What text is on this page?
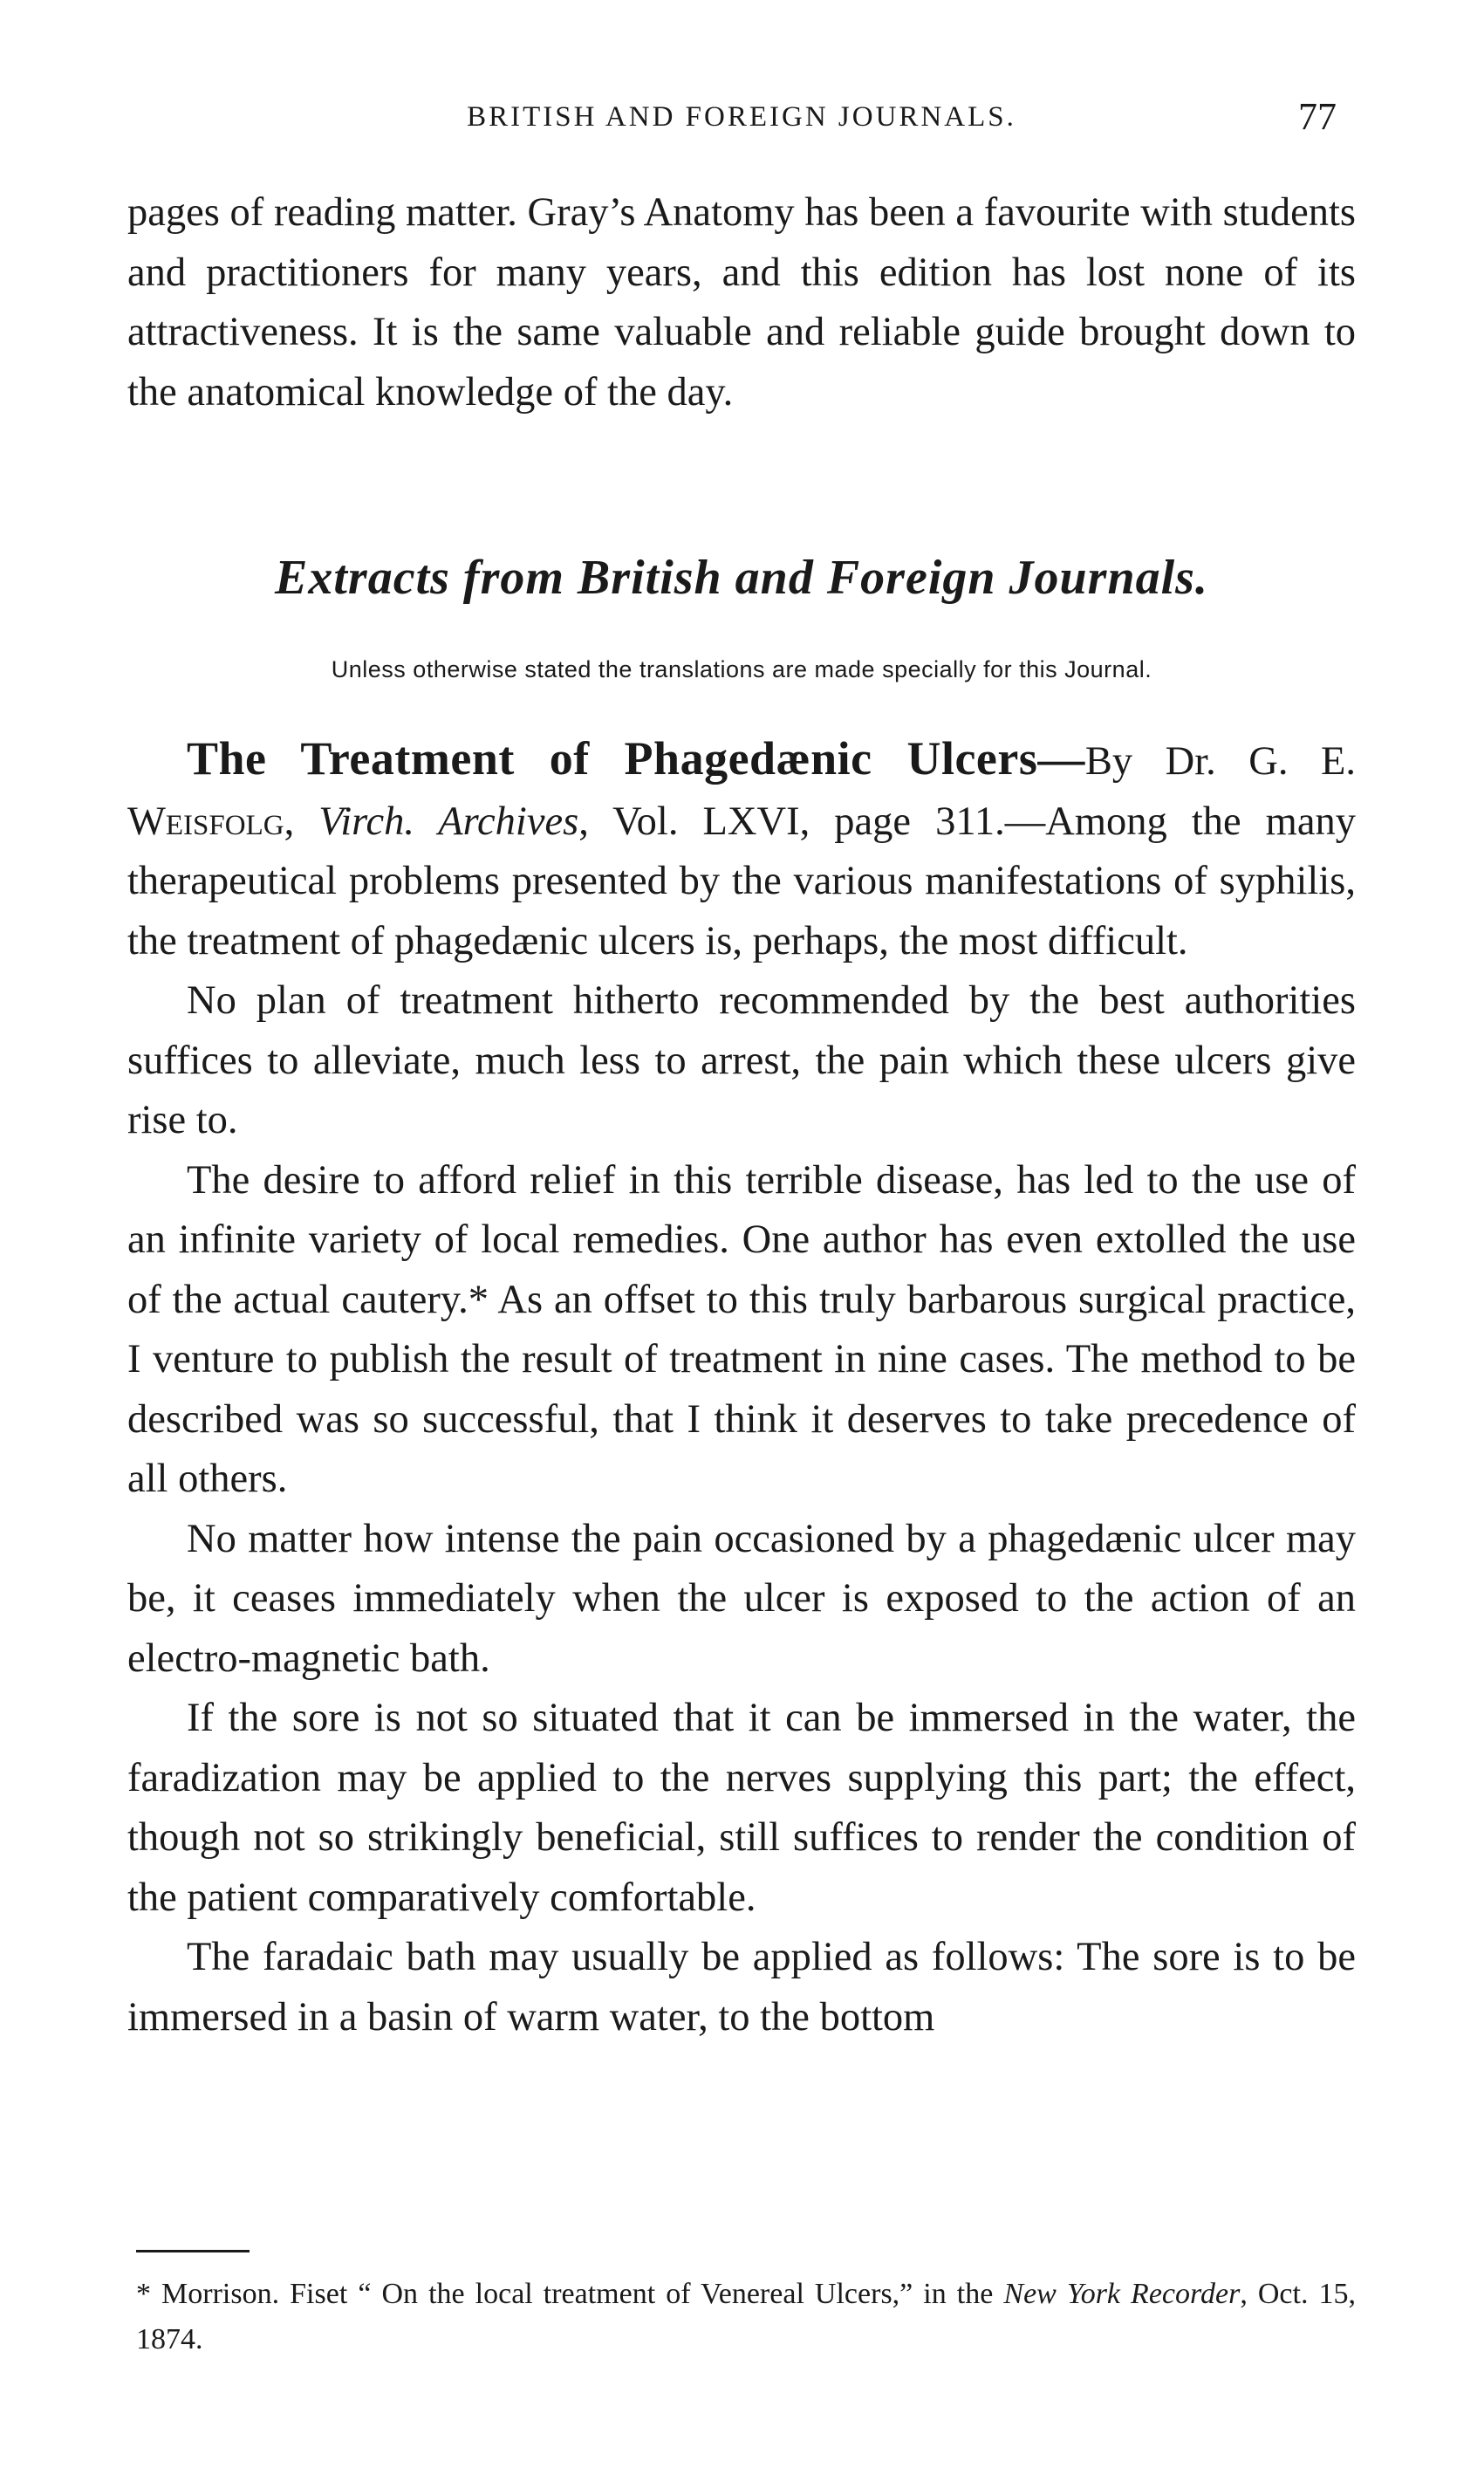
BRITISH AND FOREIGN JOURNALS.	77

pages of reading matter. Gray’s Anatomy has been a favourite with students and practitioners for many years, and this edition has lost none of its attractiveness. It is the same valuable and reliable guide brought down to the anatomical knowledge of the day.

Extracts from British and Foreign Journals.
Unless otherwise stated the translations are made specially for this Journal.

The Treatment of Phagedænic Ulcers—By Dr. G. E. Weisfolg, Virch. Archives, Vol. LXVI, page 311.—Among the many therapeutical problems presented by the various manifestations of syphilis, the treatment of phagedænic ulcers is, perhaps, the most difficult.

No plan of treatment hitherto recommended by the best authorities suffices to alleviate, much less to arrest, the pain which these ulcers give rise to.

The desire to afford relief in this terrible disease, has led to the use of an infinite variety of local remedies. One author has even extolled the use of the actual cautery.* As an offset to this truly barbarous surgical practice, I venture to publish the result of treatment in nine cases. The method to be described was so successful, that I think it deserves to take precedence of all others.

No matter how intense the pain occasioned by a phagedænic ulcer may be, it ceases immediately when the ulcer is exposed to the action of an electro-magnetic bath.

If the sore is not so situated that it can be immersed in the water, the faradization may be applied to the nerves supplying this part; the effect, though not so strikingly beneficial, still suffices to render the condition of the patient comparatively comfortable.

The faradaic bath may usually be applied as follows: The sore is to be immersed in a basin of warm water, to the bottom

* Morrison. Fiset “ On the local treatment of Venereal Ulcers,” in the New York Recorder, Oct. 15, 1874.
